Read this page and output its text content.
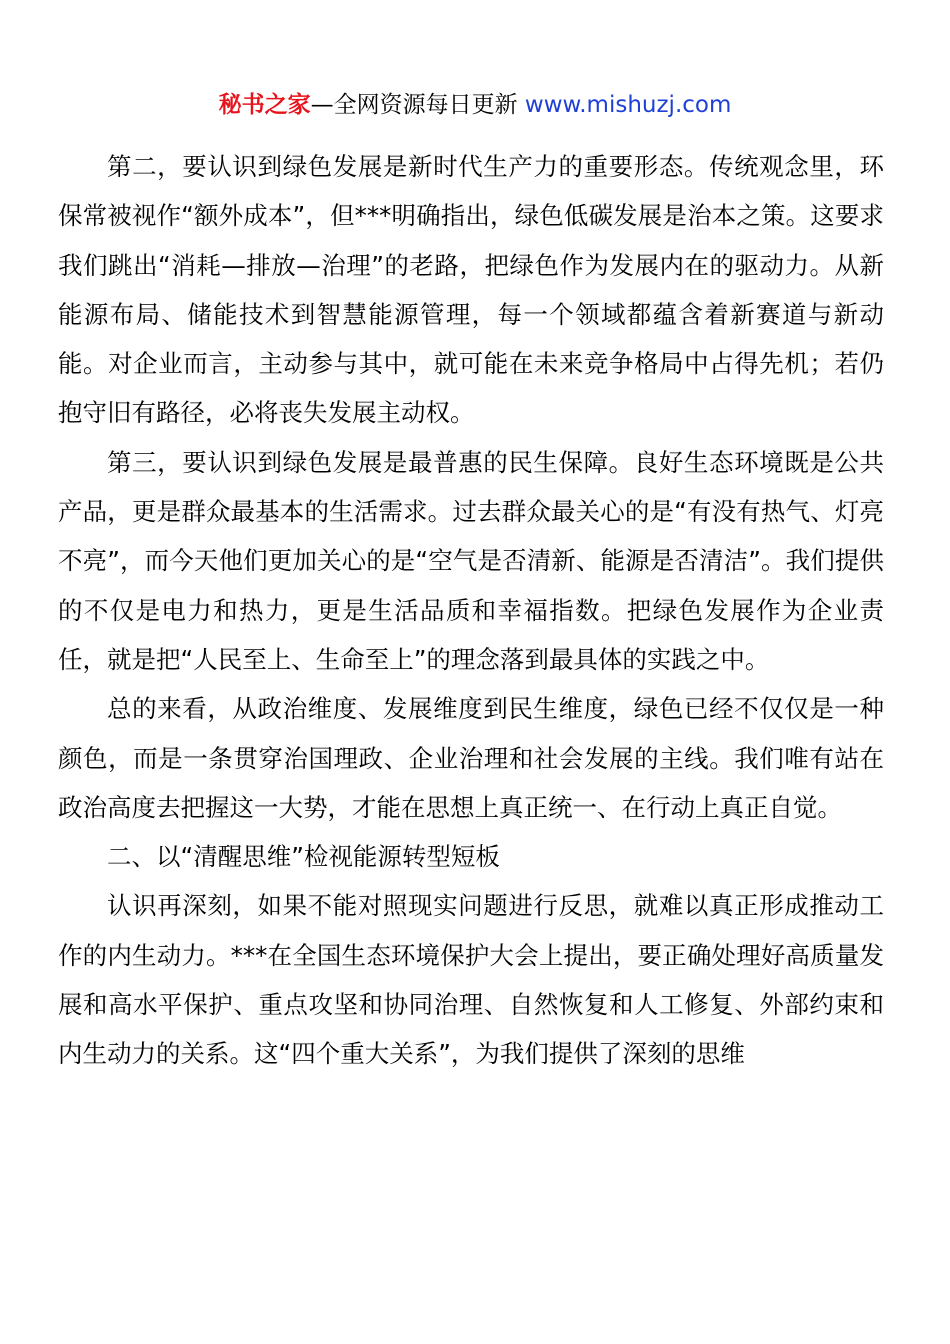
秘书之家—全网资源每日更新 www.mishuzj.com

第二，要认识到绿色发展是新时代生产力的重要形态。传统观念里，环保常被视作“额外成本”，但***明确指出，绿色低碳发展是治本之策。这要求我们跳出“消耗—排放—治理”的老路，把绿色作为发展内在的驱动力。从新能源布局、储能技术到智慧能源管理，每一个领域都蕴含着新赛道与新动能。对企业而言，主动参与其中，就可能在未来竞争格局中占得先机；若仍抱守旧有路径，必将丧失发展主动权。

第三，要认识到绿色发展是最普惠的民生保障。良好生态环境既是公共产品，更是群众最基本的生活需求。过去群众最关心的是“有没有热气、灯亮不亮”，而今天他们更加关心的是“空气是否清新、能源是否清洁”。我们提供的不仅是电力和热力，更是生活品质和幸福指数。把绿色发展作为企业责任，就是把“人民至上、生命至上”的理念落到最具体的实践之中。

总的来看，从政治维度、发展维度到民生维度，绿色已经不仅仅是一种颜色，而是一条贯穿治国理政、企业治理和社会发展的主线。我们唯有站在政治高度去把握这一大势，才能在思想上真正统一、在行动上真正自觉。

二、以“清醒思维”检视能源转型短板

认识再深刻，如果不能对照现实问题进行反思，就难以真正形成推动工作的内生动力。***在全国生态环境保护大会上提出，要正确处理好高质量发展和高水平保护、重点攻坚和协同治理、自然恢复和人工修复、外部约束和内生动力的关系。这“四个重大关系”，为我们提供了深刻的思维
